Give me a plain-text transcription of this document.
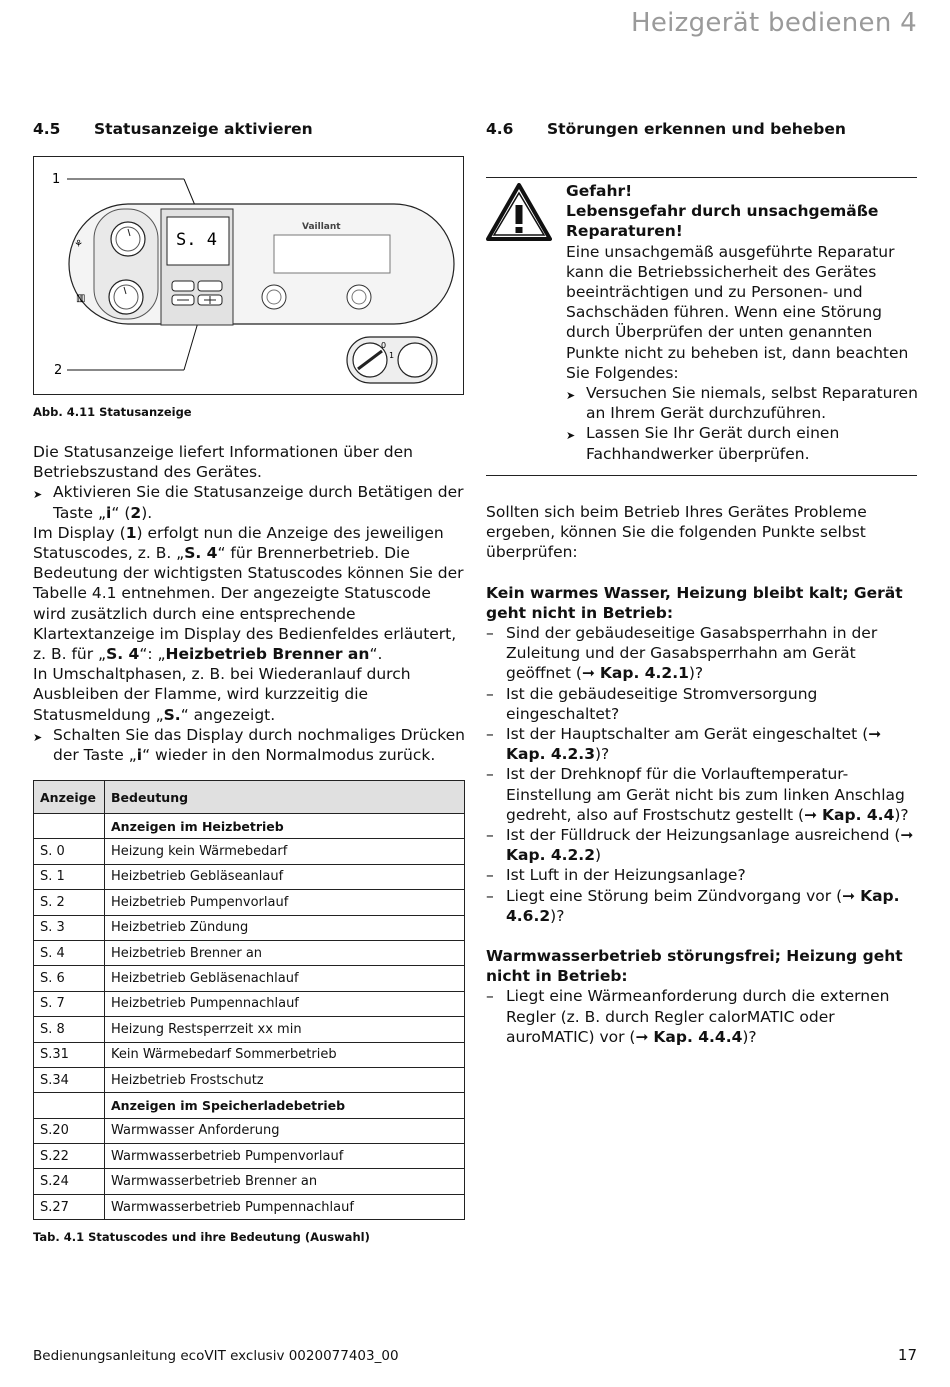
Heizgerät bedienen 4
4.5 Statusanzeige aktivieren
1
2
⚘
▥
S. 4
Vaillant
0
1
Abb. 4.11 Statusanzeige

Die Statusanzeige liefert Informationen über den Betriebszustand des Gerätes.

➤ Aktivieren Sie die Statusanzeige durch Betätigen der Taste „i“ (2).

Im Display (1) erfolgt nun die Anzeige des jeweiligen Statuscodes, z. B. „S. 4“ für Brennerbetrieb. Die Bedeutung der wichtigsten Statuscodes können Sie der Tabelle 4.1 entnehmen. Der angezeigte Statuscode wird zusätzlich durch eine entsprechende Klartextanzeige im Display des Bedienfeldes erläutert, z. B. für „S. 4“: „Heizbetrieb Brenner an“.

In Umschaltphasen, z. B. bei Wiederanlauf durch Ausbleiben der Flamme, wird kurzzeitig die Statusmeldung „S.“ angezeigt.

➤ Schalten Sie das Display durch nochmaliges Drücken der Taste „i“ wieder in den Normalmodus zurück.
Anzeige	Bedeutung
	Anzeigen im Heizbetrieb
S. 0	Heizung kein Wärmebedarf
S. 1	Heizbetrieb Gebläseanlauf
S. 2	Heizbetrieb Pumpenvorlauf
S. 3	Heizbetrieb Zündung
S. 4	Heizbetrieb Brenner an
S. 6	Heizbetrieb Gebläsenachlauf
S. 7	Heizbetrieb Pumpennachlauf
S. 8	Heizung Restsperrzeit xx min
S.31	Kein Wärmebedarf Sommerbetrieb
S.34	Heizbetrieb Frostschutz
	Anzeigen im Speicherladebetrieb
S.20	Warmwasser Anforderung
S.22	Warmwasserbetrieb Pumpenvorlauf
S.24	Warmwasserbetrieb Brenner an
S.27	Warmwasserbetrieb Pumpennachlauf
Tab. 4.1 Statuscodes und ihre Bedeutung (Auswahl)
4.6 Störungen erkennen und beheben

Gefahr!

Lebensgefahr durch unsachgemäße Reparaturen!

Eine unsachgemäß ausgeführte Reparatur kann die Betriebssicherheit des Gerätes beeinträchtigen und zu Personen- und Sachschäden führen. Wenn eine Störung durch Überprüfen der unten genannten Punkte nicht zu beheben ist, dann beachten Sie Folgendes:

➤ Versuchen Sie niemals, selbst Reparaturen an Ihrem Gerät durchzuführen.
➤ Lassen Sie Ihr Gerät durch einen Fachhandwerker überprüfen.

Sollten sich beim Betrieb Ihres Gerätes Probleme ergeben, können Sie die folgenden Punkte selbst überprüfen:

Kein warmes Wasser, Heizung bleibt kalt; Gerät geht nicht in Betrieb:

– Sind der gebäudeseitige Gasabsperrhahn in der Zuleitung und der Gasabsperrhahn am Gerät geöffnet (➞ Kap. 4.2.1)?
– Ist die gebäudeseitige Stromversorgung eingeschaltet?
– Ist der Hauptschalter am Gerät eingeschaltet (➞ Kap. 4.2.3)?
– Ist der Drehknopf für die Vorlauftemperatur-Einstellung am Gerät nicht bis zum linken Anschlag gedreht, also auf Frostschutz gestellt (➞ Kap. 4.4)?
– Ist der Fülldruck der Heizungsanlage ausreichend (➞ Kap. 4.2.2)
– Ist Luft in der Heizungsanlage?
– Liegt eine Störung beim Zündvorgang vor (➞ Kap. 4.6.2)?

Warmwasserbetrieb störungsfrei; Heizung geht nicht in Betrieb:

– Liegt eine Wärmeanforderung durch die externen Regler (z. B. durch Regler calorMATIC oder auroMATIC) vor (➞ Kap. 4.4.4)?
Bedienungsanleitung ecoVIT exclusiv 0020077403_00	17
